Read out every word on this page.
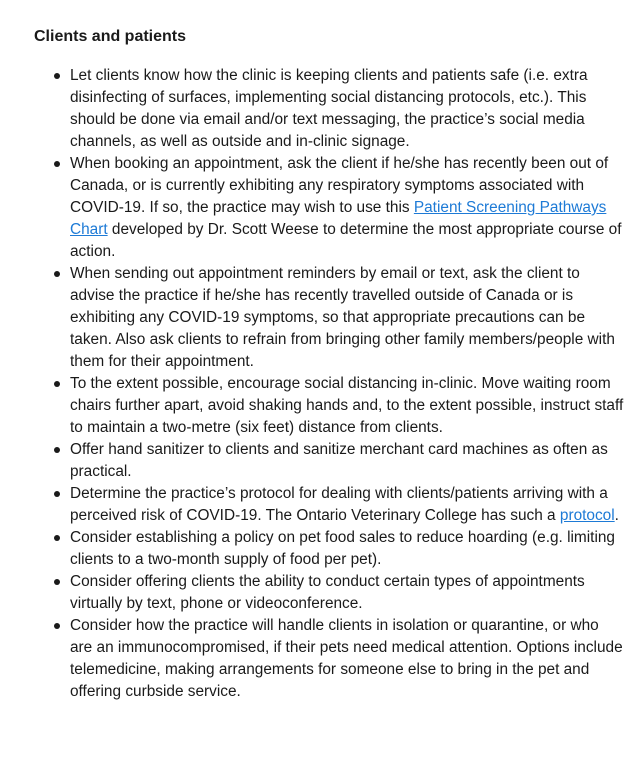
Clients and patients
Let clients know how the clinic is keeping clients and patients safe (i.e. extra disinfecting of surfaces, implementing social distancing protocols, etc.). This should be done via email and/or text messaging, the practice’s social media channels, as well as outside and in-clinic signage.
When booking an appointment, ask the client if he/she has recently been out of Canada, or is currently exhibiting any respiratory symptoms associated with COVID-19. If so, the practice may wish to use this Patient Screening Pathways Chart developed by Dr. Scott Weese to determine the most appropriate course of action.
When sending out appointment reminders by email or text, ask the client to advise the practice if he/she has recently travelled outside of Canada or is exhibiting any COVID-19 symptoms, so that appropriate precautions can be taken. Also ask clients to refrain from bringing other family members/people with them for their appointment.
To the extent possible, encourage social distancing in-clinic. Move waiting room chairs further apart, avoid shaking hands and, to the extent possible, instruct staff to maintain a two-metre (six feet) distance from clients.
Offer hand sanitizer to clients and sanitize merchant card machines as often as practical.
Determine the practice’s protocol for dealing with clients/patients arriving with a perceived risk of COVID-19. The Ontario Veterinary College has such a protocol.
Consider establishing a policy on pet food sales to reduce hoarding (e.g. limiting clients to a two-month supply of food per pet).
Consider offering clients the ability to conduct certain types of appointments virtually by text, phone or videoconference.
Consider how the practice will handle clients in isolation or quarantine, or who are an immunocompromised, if their pets need medical attention. Options include telemedicine, making arrangements for someone else to bring in the pet and offering curbside service.
